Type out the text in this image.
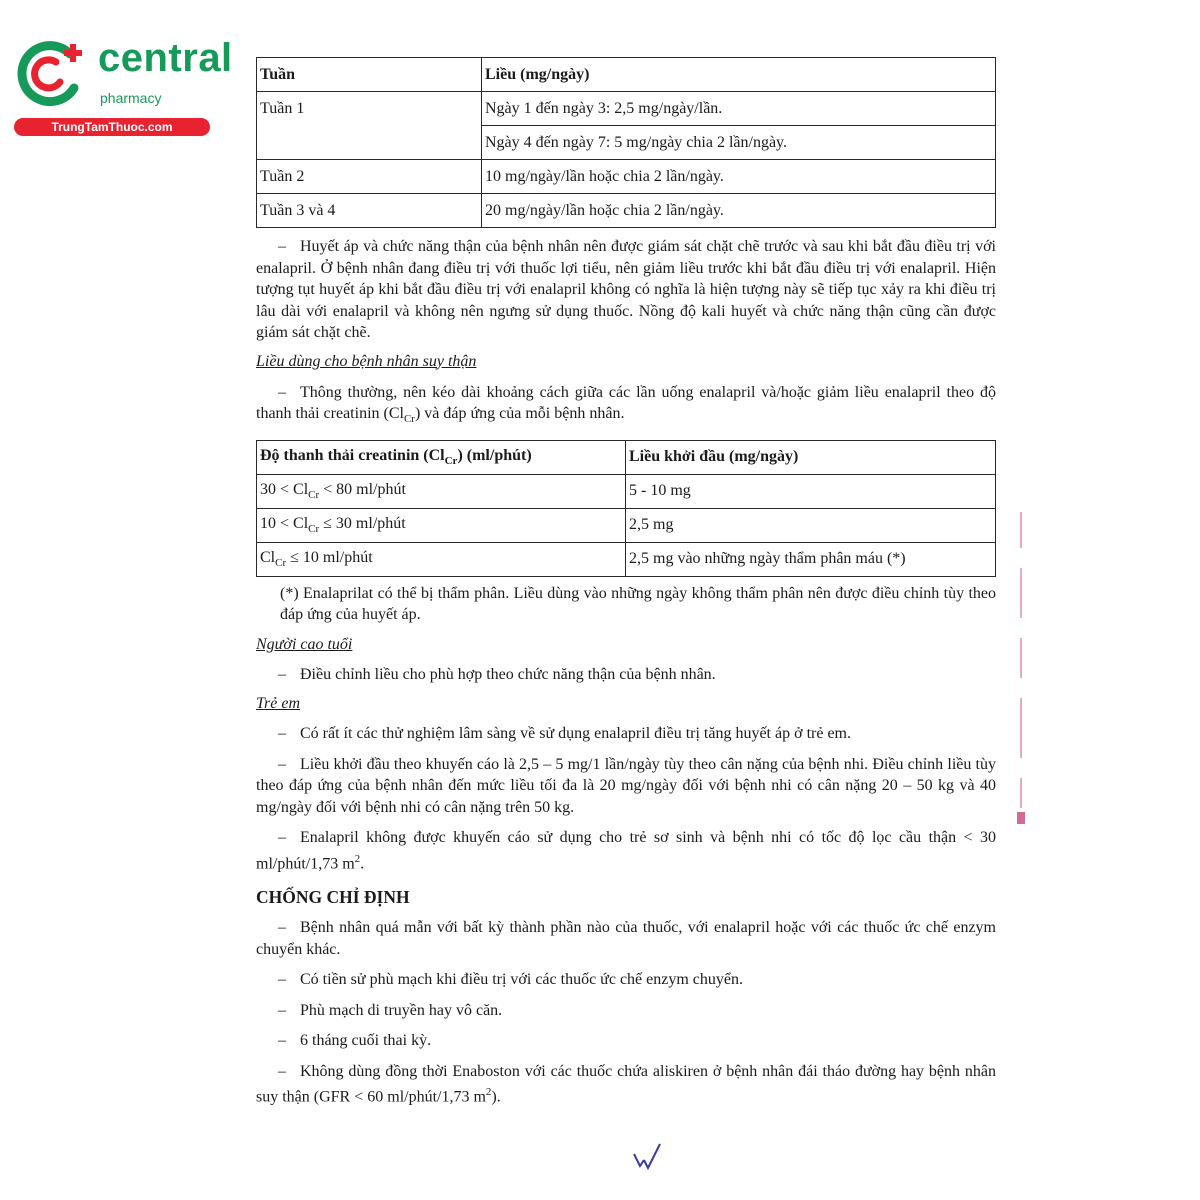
central
pharmacy
TrungTamThuoc.com
Tuần	Liều (mg/ngày)
Tuần 1	Ngày 1 đến ngày 3: 2,5 mg/ngày/lần.
	Ngày 4 đến ngày 7: 5 mg/ngày chia 2 lần/ngày.
Tuần 2	10 mg/ngày/lần hoặc chia 2 lần/ngày.
Tuần 3 và 4	20 mg/ngày/lần hoặc chia 2 lần/ngày.

– Huyết áp và chức năng thận của bệnh nhân nên được giám sát chặt chẽ trước và sau khi bắt đầu điều trị với enalapril. Ở bệnh nhân đang điều trị với thuốc lợi tiểu, nên giảm liều trước khi bắt đầu điều trị với enalapril. Hiện tượng tụt huyết áp khi bắt đầu điều trị với enalapril không có nghĩa là hiện tượng này sẽ tiếp tục xảy ra khi điều trị lâu dài với enalapril và không nên ngưng sử dụng thuốc. Nồng độ kali huyết và chức năng thận cũng cần được giám sát chặt chẽ.

Liều dùng cho bệnh nhân suy thận

– Thông thường, nên kéo dài khoảng cách giữa các lần uống enalapril và/hoặc giảm liều enalapril theo độ thanh thải creatinin $(Cl_{Cr})$ và đáp ứng của mỗi bệnh nhân.

Độ thanh thải creatinin $(Cl_{Cr})$ (ml/phút)	Liều khởi đầu (mg/ngày)
$30 < Cl_{Cr} < 80$ ml/phút	5 - 10 mg
$10 < Cl_{Cr} \le 30$ ml/phút	2,5 mg
$Cl_{Cr} \le 10$ ml/phút	2,5 mg vào những ngày thẩm phân máu (*)

(*) Enalaprilat có thể bị thẩm phân. Liều dùng vào những ngày không thẩm phân nên được điều chỉnh tùy theo đáp ứng của huyết áp.

Người cao tuổi

– Điều chỉnh liều cho phù hợp theo chức năng thận của bệnh nhân.

Trẻ em

– Có rất ít các thử nghiệm lâm sàng về sử dụng enalapril điều trị tăng huyết áp ở trẻ em.

– Liều khởi đầu theo khuyến cáo là 2,5 – 5 mg/1 lần/ngày tùy theo cân nặng của bệnh nhi. Điều chỉnh liều tùy theo đáp ứng của bệnh nhân đến mức liều tối đa là 20 mg/ngày đối với bệnh nhi có cân nặng 20 – 50 kg và 40 mg/ngày đối với bệnh nhi có cân nặng trên 50 kg.

– Enalapril không được khuyến cáo sử dụng cho trẻ sơ sinh và bệnh nhi có tốc độ lọc cầu thận < 30 ml/phút/1,73 $m^2$.

CHỐNG CHỈ ĐỊNH

– Bệnh nhân quá mẫn với bất kỳ thành phần nào của thuốc, với enalapril hoặc với các thuốc ức chế enzym chuyển khác.

– Có tiền sử phù mạch khi điều trị với các thuốc ức chế enzym chuyển.

– Phù mạch di truyền hay vô căn.

– 6 tháng cuối thai kỳ.

– Không dùng đồng thời Enaboston với các thuốc chứa aliskiren ở bệnh nhân đái tháo đường hay bệnh nhân suy thận (GFR < 60 ml/phút/1,73 $m^2$).
